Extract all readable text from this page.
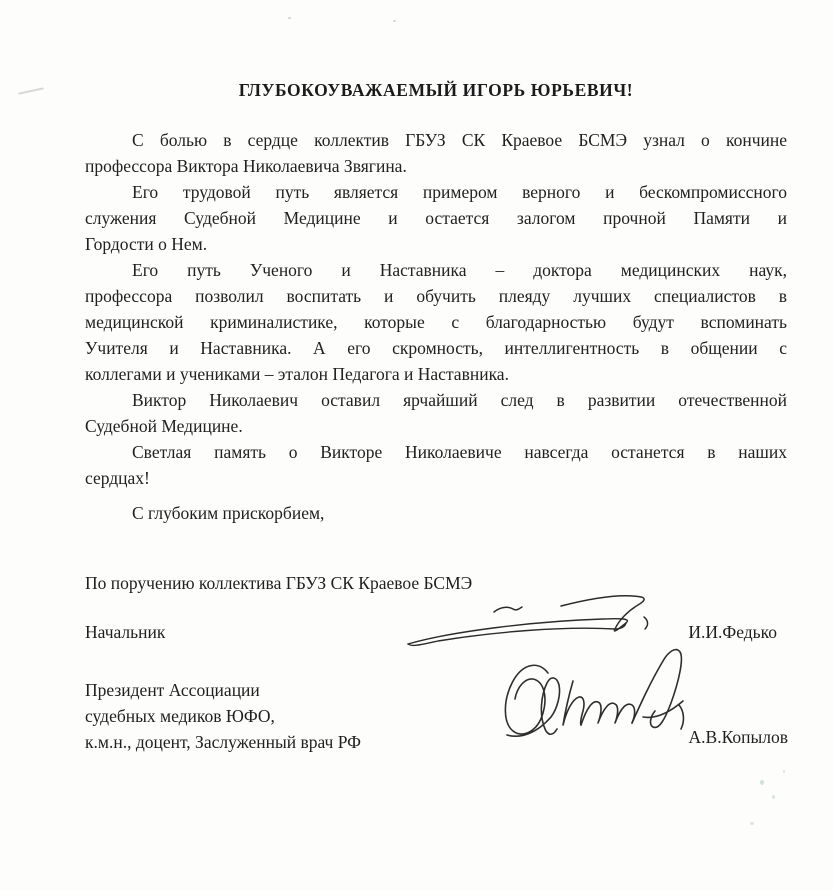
ГЛУБОКОУВАЖАЕМЫЙ ИГОРЬ ЮРЬЕВИЧ!
С болью в сердце коллектив ГБУЗ СК Краевое БСМЭ узнал о кончине
профессора Виктора Николаевича Звягина.
Его трудовой путь является примером верного и бескомпромиссного
служения Судебной Медицине и остается залогом прочной Памяти и
Гордости о Нем.
Его путь Ученого и Наставника – доктора медицинских наук,
профессора позволил воспитать и обучить плеяду лучших специалистов в
медицинской криминалистике, которые с благодарностью будут вспоминать
Учителя и Наставника. А его скромность, интеллигентность в общении с
коллегами и учениками – эталон Педагога и Наставника.
Виктор Николаевич оставил ярчайший след в развитии отечественной
Судебной Медицине.
Светлая память о Викторе Николаевиче навсегда останется в наших
сердцах!
С глубоким прискорбием,
По поручению коллектива ГБУЗ СК Краевое БСМЭ
Начальник	И.И.Федько
Президент Ассоциации
судебных медиков ЮФО,
к.м.н., доцент, Заслуженный врач РФ	А.В.Копылов
